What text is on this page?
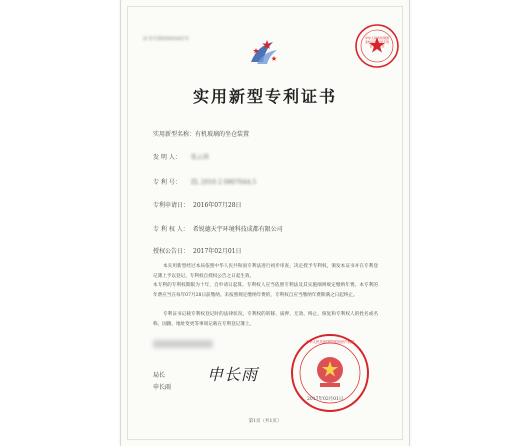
证书号第6086445号	中华人民共和国国家知识产权局专利业务专用章
实用新型专利证书
实用新型名称：有机玻璃的坐仓装置
发 明 人： 张云洪
专 利 号： ZL 2016 2 0807044.5
专利申请日： 2016年07月28日
专 利 权 人： 希锐德天宇环境科技成都有限公司
授权公告日： 2017年02月01日
本实用新型经过本局依照中华人民共和国专利法进行初步审查，决定授予专利权，颁发本证书并在专利登记簿上予以登记。专利权自授权公告之日起生效。
本专利的专利权期限为十年，自申请日起算。专利权人应当依照专利法及其实施细则规定缴纳年费。本专利的年费应当在每年07月28日前缴纳。未按照规定缴纳年费的，专利权自应当缴纳年费期满之日起终止。
专利证书记载专利权登记时的法律状况。专利权的转移、质押、无效、终止、恢复和专利权人的姓名或名称、国籍、地址变更等事项记载在专利登记簿上。
局长
申长雨
申长雨
中华人民共和国国家知识产权局
2017年02月01日
第1页（共1页）
